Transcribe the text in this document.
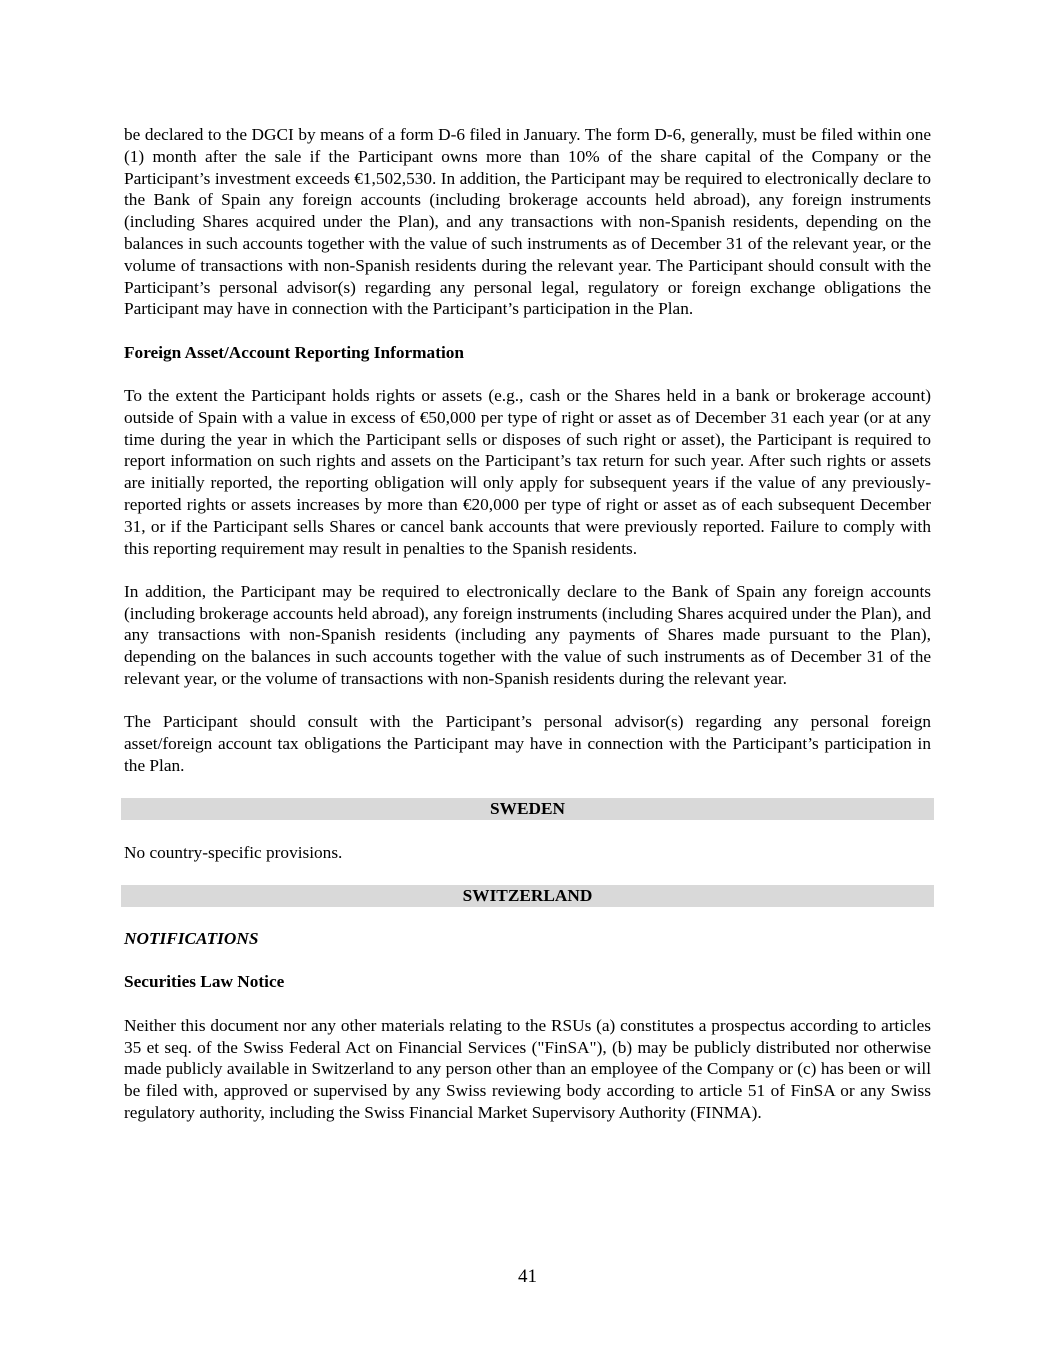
be declared to the DGCI by means of a form D-6 filed in January. The form D-6, generally, must be filed within one (1) month after the sale if the Participant owns more than 10% of the share capital of the Company or the Participant’s investment exceeds €1,502,530. In addition, the Participant may be required to electronically declare to the Bank of Spain any foreign accounts (including brokerage accounts held abroad), any foreign instruments (including Shares acquired under the Plan), and any transactions with non-Spanish residents, depending on the balances in such accounts together with the value of such instruments as of December 31 of the relevant year, or the volume of transactions with non-Spanish residents during the relevant year. The Participant should consult with the Participant’s personal advisor(s) regarding any personal legal, regulatory or foreign exchange obligations the Participant may have in connection with the Participant’s participation in the Plan.

Foreign Asset/Account Reporting Information

To the extent the Participant holds rights or assets (e.g., cash or the Shares held in a bank or brokerage account) outside of Spain with a value in excess of €50,000 per type of right or asset as of December 31 each year (or at any time during the year in which the Participant sells or disposes of such right or asset), the Participant is required to report information on such rights and assets on the Participant’s tax return for such year. After such rights or assets are initially reported, the reporting obligation will only apply for subsequent years if the value of any previously-reported rights or assets increases by more than €20,000 per type of right or asset as of each subsequent December 31, or if the Participant sells Shares or cancel bank accounts that were previously reported. Failure to comply with this reporting requirement may result in penalties to the Spanish residents.

In addition, the Participant may be required to electronically declare to the Bank of Spain any foreign accounts (including brokerage accounts held abroad), any foreign instruments (including Shares acquired under the Plan), and any transactions with non-Spanish residents (including any payments of Shares made pursuant to the Plan), depending on the balances in such accounts together with the value of such instruments as of December 31 of the relevant year, or the volume of transactions with non-Spanish residents during the relevant year.

The Participant should consult with the Participant’s personal advisor(s) regarding any personal foreign asset/foreign account tax obligations the Participant may have in connection with the Participant’s participation in the Plan.

SWEDEN

No country-specific provisions.

SWITZERLAND
NOTIFICATIONS
Securities Law Notice

Neither this document nor any other materials relating to the RSUs (a) constitutes a prospectus according to articles 35 et seq. of the Swiss Federal Act on Financial Services ("FinSA"), (b) may be publicly distributed nor otherwise made publicly available in Switzerland to any person other than an employee of the Company or (c) has been or will be filed with, approved or supervised by any Swiss reviewing body according to article 51 of FinSA or any Swiss regulatory authority, including the Swiss Financial Market Supervisory Authority (FINMA).

41
